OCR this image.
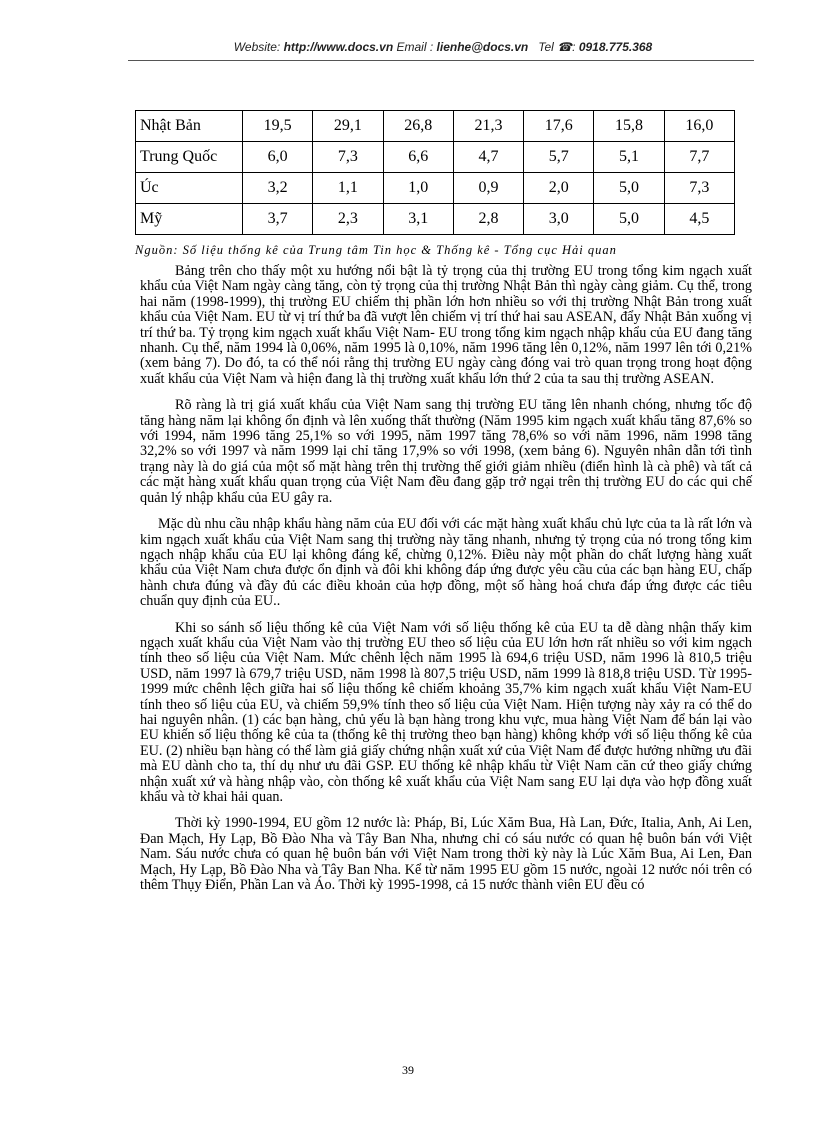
Website: http://www.docs.vn Email : lienhe@docs.vn Tel ☎: 0918.775.368
Nhật Bản	19,5	29,1	26,8	21,3	17,6	15,8	16,0
Trung Quốc	6,0	7,3	6,6	4,7	5,7	5,1	7,7
Úc	3,2	1,1	1,0	0,9	2,0	5,0	7,3
Mỹ	3,7	2,3	3,1	2,8	3,0	5,0	4,5
Nguồn: Số liệu thống kê của Trung tâm Tin học & Thống kê - Tổng cục Hải quan

Bảng trên cho thấy một xu hướng nổi bật là tỷ trọng của thị trường EU trong tổng kim ngạch xuất khẩu của Việt Nam ngày càng tăng, còn tỷ trọng của thị trường Nhật Bản thì ngày càng giảm. Cụ thể, trong hai năm (1998-1999), thị trường EU chiếm thị phần lớn hơn nhiều so với thị trường Nhật Bản trong xuất khẩu của Việt Nam. EU từ vị trí thứ ba đã vượt lên chiếm vị trí thứ hai sau ASEAN, đẩy Nhật Bản xuống vị trí thứ ba. Tỷ trọng kim ngạch xuất khẩu Việt Nam- EU trong tổng kim ngạch nhập khẩu của EU đang tăng nhanh. Cụ thể, năm 1994 là 0,06%, năm 1995 là 0,10%, năm 1996 tăng lên 0,12%, năm 1997 lên tới 0,21% (xem bảng 7). Do đó, ta có thể nói rằng thị trường EU ngày càng đóng vai trò quan trọng trong hoạt động xuất khẩu của Việt Nam và hiện đang là thị trường xuất khẩu lớn thứ 2 của ta sau thị trường ASEAN.

Rõ ràng là trị giá xuất khẩu của Việt Nam sang thị trường EU tăng lên nhanh chóng, nhưng tốc độ tăng hàng năm lại không ổn định và lên xuống thất thường (Năm 1995 kim ngạch xuất khẩu tăng 87,6% so với 1994, năm 1996 tăng 25,1% so với 1995, năm 1997 tăng 78,6% so với năm 1996, năm 1998 tăng 32,2% so với 1997 và năm 1999 lại chỉ tăng 17,9% so với 1998, (xem bảng 6). Nguyên nhân dẫn tới tình trạng này là do giá của một số mặt hàng trên thị trường thế giới giảm nhiều (điển hình là cà phê) và tất cả các mặt hàng xuất khẩu quan trọng của Việt Nam đều đang gặp trở ngại trên thị trường EU do các qui chế quản lý nhập khẩu của EU gây ra.

Mặc dù nhu cầu nhập khẩu hàng năm của EU đối với các mặt hàng xuất khẩu chủ lực của ta là rất lớn và kim ngạch xuất khẩu của Việt Nam sang thị trường này tăng nhanh, nhưng tỷ trọng của nó trong tổng kim ngạch nhập khẩu của EU lại không đáng kể, chừng 0,12%. Điều này một phần do chất lượng hàng xuất khẩu của Việt Nam chưa được ổn định và đôi khi không đáp ứng được yêu cầu của các bạn hàng EU, chấp hành chưa đúng và đầy đủ các điều khoản của hợp đồng, một số hàng hoá chưa đáp ứng được các tiêu chuẩn quy định của EU..

Khi so sánh số liệu thống kê của Việt Nam với số liệu thống kê của EU ta dễ dàng nhận thấy kim ngạch xuất khẩu của Việt Nam vào thị trường EU theo số liệu của EU lớn hơn rất nhiều so với kim ngạch tính theo số liệu của Việt Nam. Mức chênh lệch năm 1995 là 694,6 triệu USD, năm 1996 là 810,5 triệu USD, năm 1997 là 679,7 triệu USD, năm 1998 là 807,5 triệu USD, năm 1999 là 818,8 triệu USD. Từ 1995-1999 mức chênh lệch giữa hai số liệu thống kê chiếm khoảng 35,7% kim ngạch xuất khẩu Việt Nam-EU tính theo số liệu của EU, và chiếm 59,9% tính theo số liệu của Việt Nam. Hiện tượng này xảy ra có thể do hai nguyên nhân. (1) các bạn hàng, chủ yếu là bạn hàng trong khu vực, mua hàng Việt Nam để bán lại vào EU khiến số liệu thống kê của ta (thống kê thị trường theo bạn hàng) không khớp với số liệu thống kê của EU. (2) nhiều bạn hàng có thể làm giả giấy chứng nhận xuất xứ của Việt Nam để được hưởng những ưu đãi mà EU dành cho ta, thí dụ như ưu đãi GSP. EU thống kê nhập khẩu từ Việt Nam căn cứ theo giấy chứng nhận xuất xứ và hàng nhập vào, còn thống kê xuất khẩu của Việt Nam sang EU lại dựa vào hợp đồng xuất khẩu và tờ khai hải quan.

Thời kỳ 1990-1994, EU gồm 12 nước là: Pháp, Bỉ, Lúc Xăm Bua, Hà Lan, Đức, Italia, Anh, Ai Len, Đan Mạch, Hy Lạp, Bồ Đào Nha và Tây Ban Nha, nhưng chỉ có sáu nước có quan hệ buôn bán với Việt Nam. Sáu nước chưa có quan hệ buôn bán với Việt Nam trong thời kỳ này là Lúc Xăm Bua, Ai Len, Đan Mạch, Hy Lạp, Bồ Đào Nha và Tây Ban Nha. Kể từ năm 1995 EU gồm 15 nước, ngoài 12 nước nói trên có thêm Thụy Điển, Phần Lan và Áo. Thời kỳ 1995-1998, cả 15 nước thành viên EU đều có

39
